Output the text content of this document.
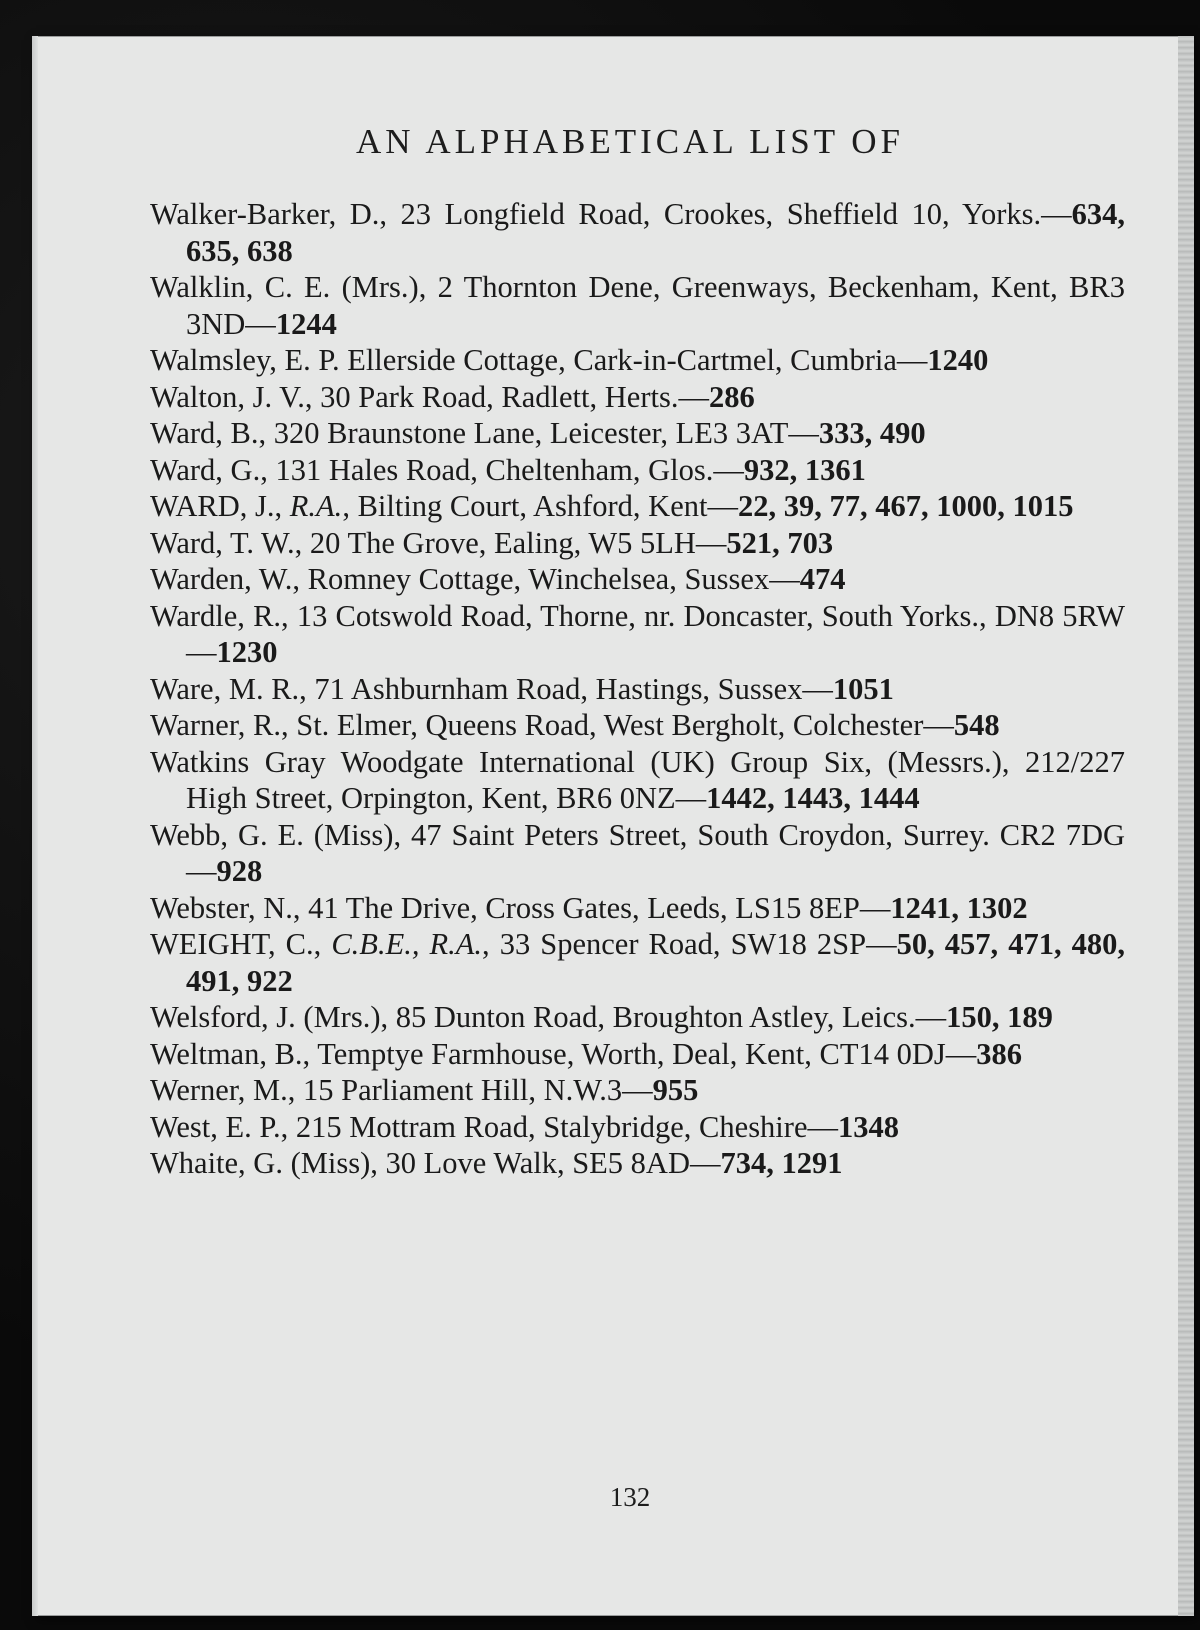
AN ALPHABETICAL LIST OF
Walker-Barker, D., 23 Longfield Road, Crookes, Sheffield 10, Yorks.—634, 635, 638
Walklin, C. E. (Mrs.), 2 Thornton Dene, Greenways, Beckenham, Kent, BR3 3ND—1244
Walmsley, E. P. Ellerside Cottage, Cark-in-Cartmel, Cumbria—1240
Walton, J. V., 30 Park Road, Radlett, Herts.—286
Ward, B., 320 Braunstone Lane, Leicester, LE3 3AT—333, 490
Ward, G., 131 Hales Road, Cheltenham, Glos.—932, 1361
WARD, J., R.A., Bilting Court, Ashford, Kent—22, 39, 77, 467, 1000, 1015
Ward, T. W., 20 The Grove, Ealing, W5 5LH—521, 703
Warden, W., Romney Cottage, Winchelsea, Sussex—474
Wardle, R., 13 Cotswold Road, Thorne, nr. Doncaster, South Yorks., DN8 5RW—1230
Ware, M. R., 71 Ashburnham Road, Hastings, Sussex—1051
Warner, R., St. Elmer, Queens Road, West Bergholt, Colchester—548
Watkins Gray Woodgate International (UK) Group Six, (Messrs.), 212/227 High Street, Orpington, Kent, BR6 0NZ—1442, 1443, 1444
Webb, G. E. (Miss), 47 Saint Peters Street, South Croydon, Surrey. CR2 7DG—928
Webster, N., 41 The Drive, Cross Gates, Leeds, LS15 8EP—1241, 1302
WEIGHT, C., C.B.E., R.A., 33 Spencer Road, SW18 2SP—50, 457, 471, 480, 491, 922
Welsford, J. (Mrs.), 85 Dunton Road, Broughton Astley, Leics.—150, 189
Weltman, B., Temptye Farmhouse, Worth, Deal, Kent, CT14 0DJ—386
Werner, M., 15 Parliament Hill, N.W.3—955
West, E. P., 215 Mottram Road, Stalybridge, Cheshire—1348
Whaite, G. (Miss), 30 Love Walk, SE5 8AD—734, 1291

132
